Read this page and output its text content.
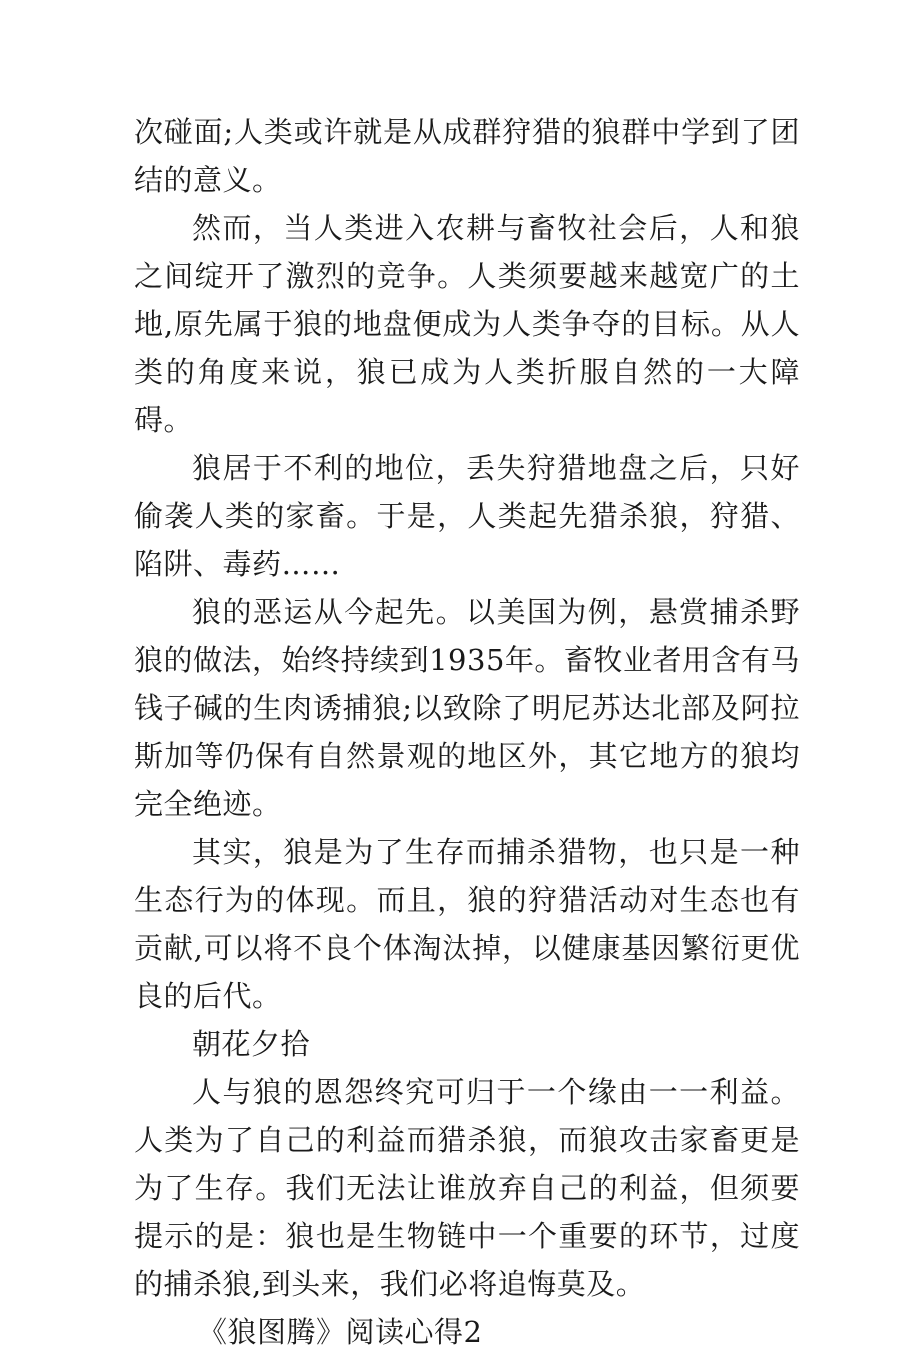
次碰面;人类或许就是从成群狩猎的狼群中学到了团结的意义。

然而，当人类进入农耕与畜牧社会后，人和狼之间绽开了激烈的竞争。人类须要越来越宽广的土地,原先属于狼的地盘便成为人类争夺的目标。从人类的角度来说，狼已成为人类折服自然的一大障碍。

狼居于不利的地位，丢失狩猎地盘之后，只好偷袭人类的家畜。于是，人类起先猎杀狼，狩猎、陷阱、毒药……

狼的恶运从今起先。以美国为例，悬赏捕杀野狼的做法，始终持续到1935年。畜牧业者用含有马钱子碱的生肉诱捕狼;以致除了明尼苏达北部及阿拉斯加等仍保有自然景观的地区外，其它地方的狼均完全绝迹。

其实，狼是为了生存而捕杀猎物，也只是一种生态行为的体现。而且，狼的狩猎活动对生态也有贡献,可以将不良个体淘汰掉，以健康基因繁衍更优良的后代。

朝花夕拾

人与狼的恩怨终究可归于一个缘由一一利益。人类为了自己的利益而猎杀狼，而狼攻击家畜更是为了生存。我们无法让谁放弃自己的利益，但须要提示的是：狼也是生物链中一个重要的环节，过度的捕杀狼,到头来，我们必将追悔莫及。

《狼图腾》阅读心得2
